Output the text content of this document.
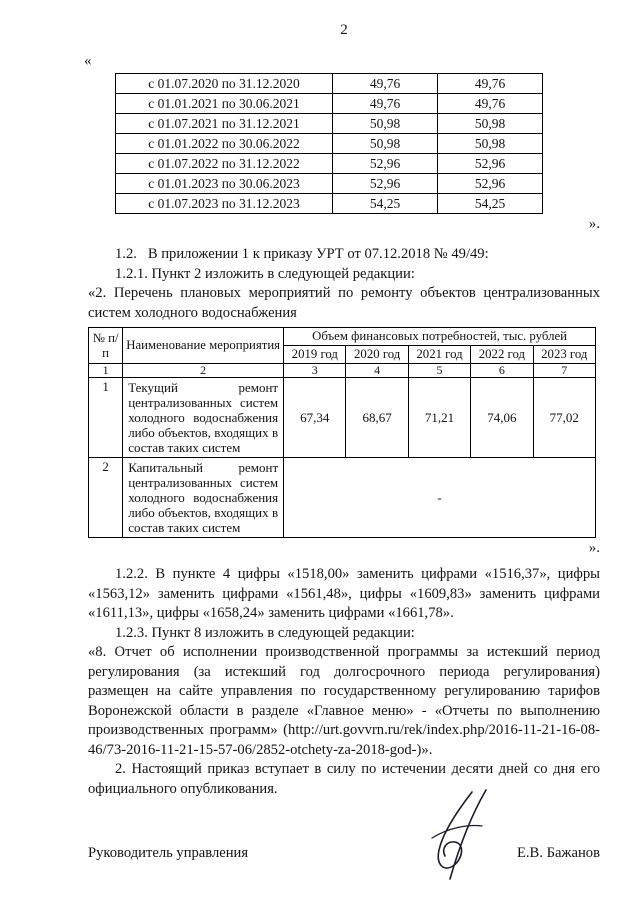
2
«
с 01.07.2020 по 31.12.2020	49,76	49,76
с 01.01.2021 по 30.06.2021	49,76	49,76
с 01.07.2021 по 31.12.2021	50,98	50,98
с 01.01.2022 по 30.06.2022	50,98	50,98
с 01.07.2022 по 31.12.2022	52,96	52,96
с 01.01.2023 по 30.06.2023	52,96	52,96
с 01.07.2023 по 31.12.2023	54,25	54,25
».

1.2.   В приложении 1 к приказу УРТ от 07.12.2018 № 49/49:

1.2.1. Пункт 2 изложить в следующей редакции:

«2. Перечень плановых мероприятий по ремонту объектов централизованных систем холодного водоснабжения

№ п/п	Наименование мероприятия	Объем финансовых потребностей, тыс. рублей				
		2019 год	2020 год	2021 год	2022 год	2023 год
1	2	3	4	5	6	7
1	Текущий ремонт централизованных систем холодного водоснабжения либо объектов, входящих в состав таких систем	67,34	68,67	71,21	74,06	77,02
2	Капитальный ремонт централизованных систем холодного водоснабжения либо объектов, входящих в состав таких систем	-				
».

1.2.2. В пункте 4 цифры «1518,00» заменить цифрами «1516,37», цифры «1563,12» заменить цифрами «1561,48», цифры «1609,83» заменить цифрами «1611,13», цифры «1658,24» заменить цифрами «1661,78».

1.2.3. Пункт 8 изложить в следующей редакции:

«8. Отчет об исполнении производственной программы за истекший период регулирования (за истекший год долгосрочного периода регулирования) размещен на сайте управления по государственному регулированию тарифов Воронежской области в разделе «Главное меню» - «Отчеты по выполнению производственных программ» (http://urt.govvrn.ru/rek/index.php/2016-11-21-16-08-46/73-2016-11-21-15-57-06/2852-otchety-za-2018-god-)».

2. Настоящий приказ вступает в силу по истечении десяти дней со дня его официального опубликования.

Руководитель управления	Е.В. Бажанов
